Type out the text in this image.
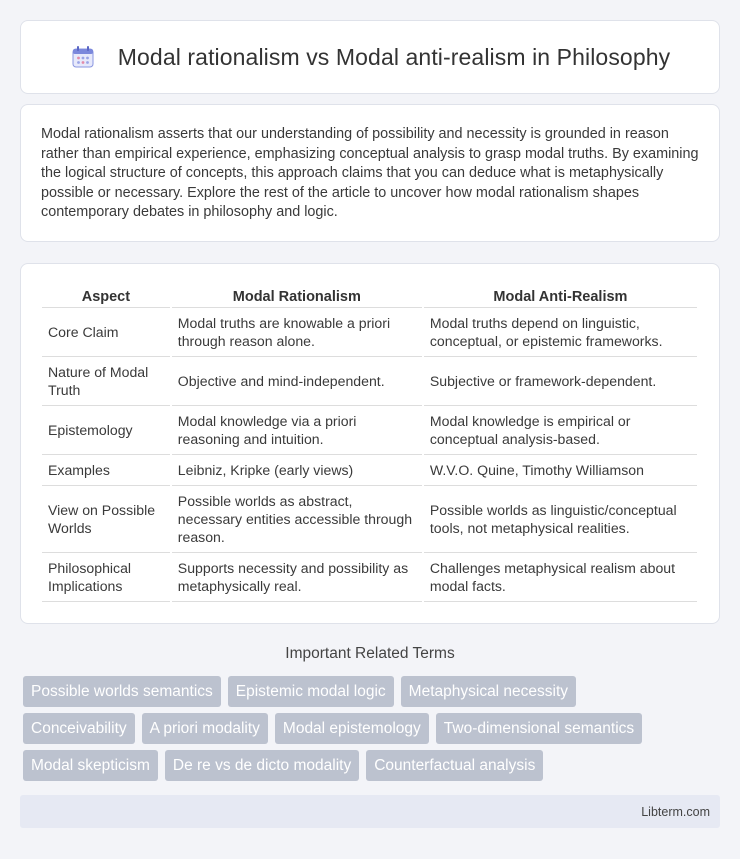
Modal rationalism vs Modal anti-realism in Philosophy

Modal rationalism asserts that our understanding of possibility and necessity is grounded in reason rather than empirical experience, emphasizing conceptual analysis to grasp modal truths. By examining the logical structure of concepts, this approach claims that you can deduce what is metaphysically possible or necessary. Explore the rest of the article to uncover how modal rationalism shapes contemporary debates in philosophy and logic.

Aspect	Modal Rationalism	Modal Anti-Realism
Core Claim	Modal truths are knowable a priori through reason alone.	Modal truths depend on linguistic, conceptual, or epistemic frameworks.
Nature of Modal Truth	Objective and mind-independent.	Subjective or framework-dependent.
Epistemology	Modal knowledge via a priori reasoning and intuition.	Modal knowledge is empirical or conceptual analysis-based.
Examples	Leibniz, Kripke (early views)	W.V.O. Quine, Timothy Williamson
View on Possible Worlds	Possible worlds as abstract, necessary entities accessible through reason.	Possible worlds as linguistic/conceptual tools, not metaphysical realities.
Philosophical Implications	Supports necessity and possibility as metaphysically real.	Challenges metaphysical realism about modal facts.
Important Related Terms
Possible worlds semantics	Epistemic modal logic	Metaphysical necessity
Conceivability	A priori modality	Modal epistemology	Two-dimensional semantics
Modal skepticism	De re vs de dicto modality	Counterfactual analysis
Libterm.com
